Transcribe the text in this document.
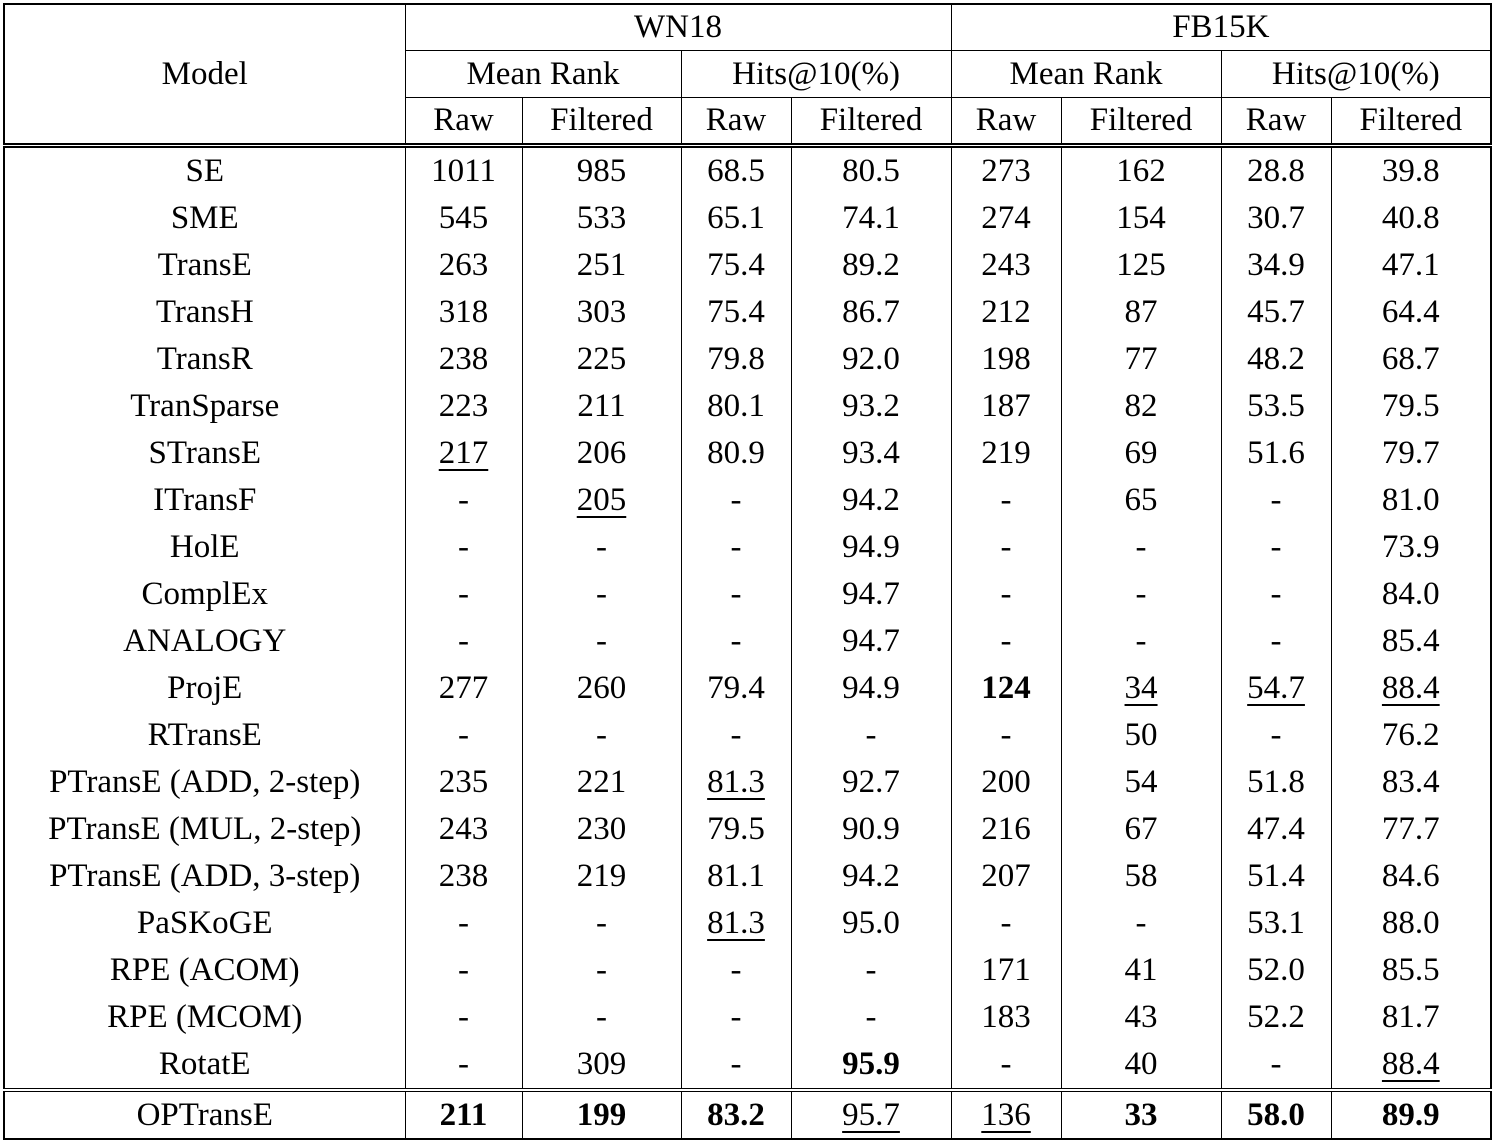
Model	WN18				FB15K			
	Mean Rank		Hits@10(%)		Mean Rank		Hits@10(%)	
	Raw	Filtered	Raw	Filtered	Raw	Filtered	Raw	Filtered
SE	1011	985	68.5	80.5	273	162	28.8	39.8
SME	545	533	65.1	74.1	274	154	30.7	40.8
TransE	263	251	75.4	89.2	243	125	34.9	47.1
TransH	318	303	75.4	86.7	212	87	45.7	64.4
TransR	238	225	79.8	92.0	198	77	48.2	68.7
TranSparse	223	211	80.1	93.2	187	82	53.5	79.5
STransE	217	206	80.9	93.4	219	69	51.6	79.7
ITransF	-	205	-	94.2	-	65	-	81.0
HolE	-	-	-	94.9	-	-	-	73.9
ComplEx	-	-	-	94.7	-	-	-	84.0
ANALOGY	-	-	-	94.7	-	-	-	85.4
ProjE	277	260	79.4	94.9	124	34	54.7	88.4
RTransE	-	-	-	-	-	50	-	76.2
PTransE (ADD, 2-step)	235	221	81.3	92.7	200	54	51.8	83.4
PTransE (MUL, 2-step)	243	230	79.5	90.9	216	67	47.4	77.7
PTransE (ADD, 3-step)	238	219	81.1	94.2	207	58	51.4	84.6
PaSKoGE	-	-	81.3	95.0	-	-	53.1	88.0
RPE (ACOM)	-	-	-	-	171	41	52.0	85.5
RPE (MCOM)	-	-	-	-	183	43	52.2	81.7
RotatE	-	309	-	95.9	-	40	-	88.4
OPTransE	211	199	83.2	95.7	136	33	58.0	89.9
